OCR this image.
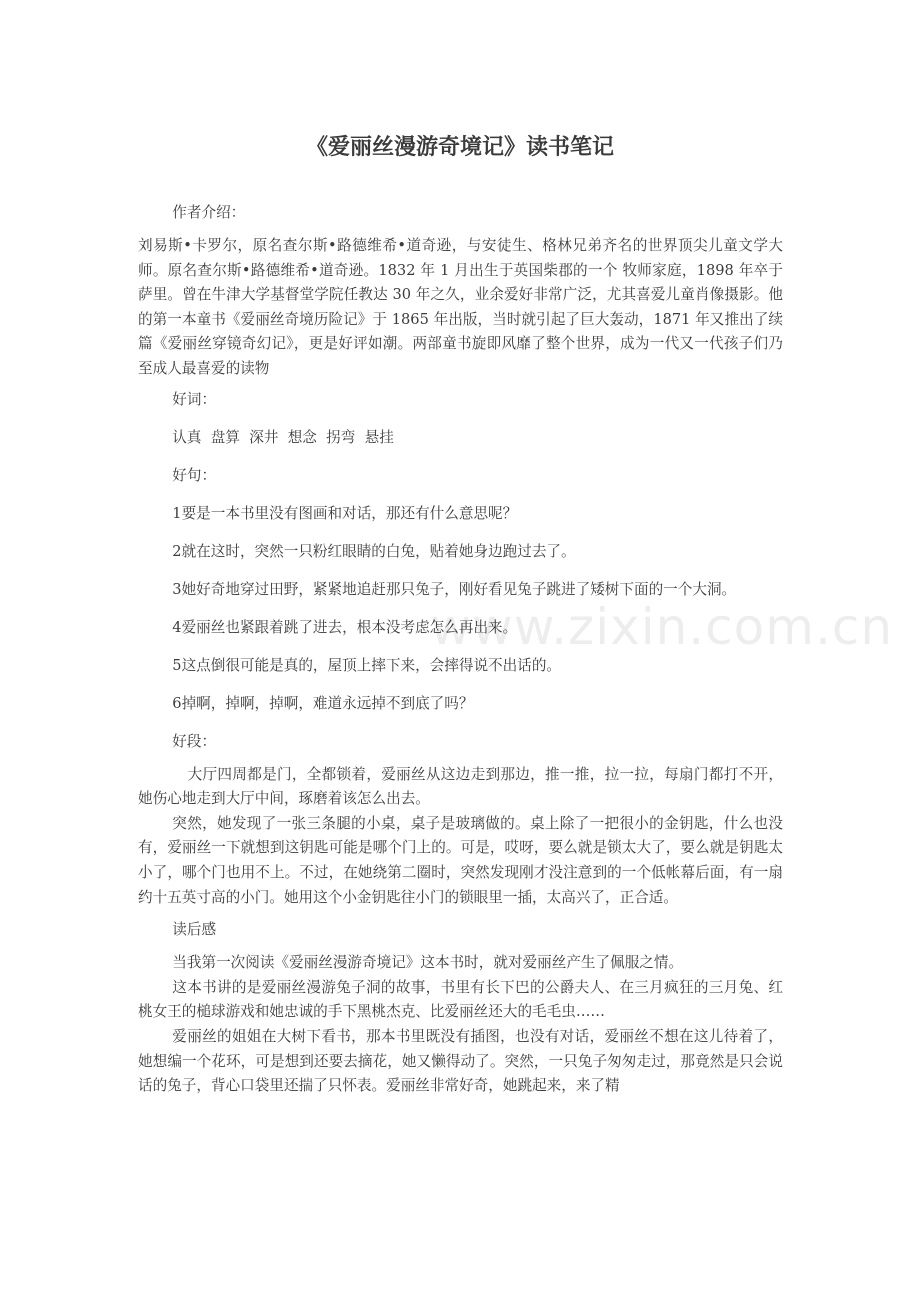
《爱丽丝漫游奇境记》读书笔记

作者介绍：

刘易斯•卡罗尔，原名查尔斯•路德维希•道奇逊，与安徒生、格林兄弟齐名的世界顶尖儿童文学大师。原名查尔斯•路德维希•道奇逊。1832 年 1 月出生于英国柴郡的一个 牧师家庭，1898 年卒于萨里。曾在牛津大学基督堂学院任教达 30 年之久，业余爱好非常广泛，尤其喜爱儿童肖像摄影。他的第一本童书《爱丽丝奇境历险记》于 1865 年出版，当时就引起了巨大轰动，1871 年又推出了续篇《爱丽丝穿镜奇幻记》，更是好评如潮。两部童书旋即风靡了整个世界，成为一代又一代孩子们乃至成人最喜爱的读物

好词：

认真  盘算  深井  想念  拐弯  悬挂

好句：

1要是一本书里没有图画和对话，那还有什么意思呢？

2就在这时，突然一只粉红眼睛的白兔，贴着她身边跑过去了。

3她好奇地穿过田野，紧紧地追赶那只兔子，刚好看见兔子跳进了矮树下面的一个大洞。

4爱丽丝也紧跟着跳了进去，根本没考虑怎么再出来。

5这点倒很可能是真的，屋顶上摔下来，会摔得说不出话的。

6掉啊，掉啊，掉啊，难道永远掉不到底了吗？

好段：

大厅四周都是门，全都锁着，爱丽丝从这边走到那边，推一推，拉一拉，每扇门都打不开，她伤心地走到大厅中间，琢磨着该怎么出去。

突然，她发现了一张三条腿的小桌，桌子是玻璃做的。桌上除了一把很小的金钥匙，什么也没有，爱丽丝一下就想到这钥匙可能是哪个门上的。可是，哎呀，要么就是锁太大了，要么就是钥匙太小了，哪个门也用不上。不过，在她绕第二圈时，突然发现刚才没注意到的一个低帐幕后面，有一扇约十五英寸高的小门。她用这个小金钥匙往小门的锁眼里一插，太高兴了，正合适。

读后感

当我第一次阅读《爱丽丝漫游奇境记》这本书时，就对爱丽丝产生了佩服之情。

这本书讲的是爱丽丝漫游兔子洞的故事，书里有长下巴的公爵夫人、在三月疯狂的三月兔、红桃女王的槌球游戏和她忠诚的手下黑桃杰克、比爱丽丝还大的毛毛虫……

爱丽丝的姐姐在大树下看书，那本书里既没有插图，也没有对话，爱丽丝不想在这儿待着了，她想编一个花环，可是想到还要去摘花，她又懒得动了。突然，一只兔子匆匆走过，那竟然是只会说话的兔子，背心口袋里还揣了只怀表。爱丽丝非常好奇，她跳起来，来了精

www.zixin.com.cn
